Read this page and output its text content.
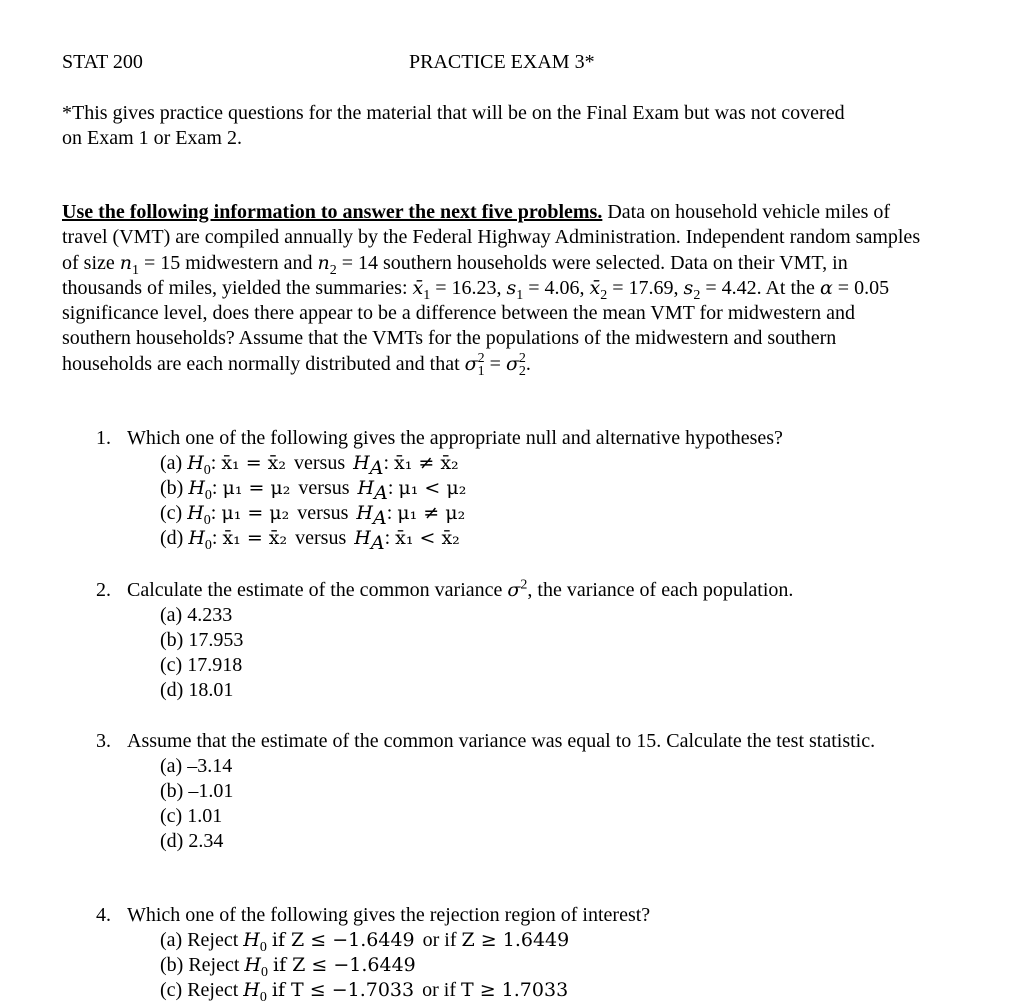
STAT 200	PRACTICE EXAM 3*
*This gives practice questions for the material that will be on the Final Exam but was not covered on Exam 1 or Exam 2.
Use the following information to answer the next five problems. Data on household vehicle miles of travel (VMT) are compiled annually by the Federal Highway Administration. Independent random samples of size $n_1 = 15$ midwestern and $n_2 = 14$ southern households were selected. Data on their VMT, in thousands of miles, yielded the summaries: $x̄_1 = 16.23$, $s_1 = 4.06$, $x̄_2 = 17.69$, $s_2 = 4.42$. At the α = 0.05 significance level, does there appear to be a difference between the mean VMT for midwestern and southern households? Assume that the VMTs for the populations of the midwestern and southern households are each normally distributed and that $\sigma_1^2 = \sigma_2^2$.
1. Which one of the following gives the appropriate null and alternative hypotheses?
(a) $H_0$: x̄₁ = x̄₂ versus $H_A$: x̄₁ ≠ x̄₂
(b) $H_0$: μ₁ = μ₂ versus $H_A$: μ₁ < μ₂
(c) $H_0$: μ₁ = μ₂ versus $H_A$: μ₁ ≠ μ₂
(d) $H_0$: x̄₁ = x̄₂ versus $H_A$: x̄₁ < x̄₂
2. Calculate the estimate of the common variance $\sigma^2$, the variance of each population.
(a) 4.233
(b) 17.953
(c) 17.918
(d) 18.01
3. Assume that the estimate of the common variance was equal to 15. Calculate the test statistic.
(a) –3.14
(b) –1.01
(c) 1.01
(d) 2.34
4. Which one of the following gives the rejection region of interest?
(a) Reject $H_0$ if Z ≤ −1.6449 or if Z ≥ 1.6449
(b) Reject $H_0$ if Z ≤ −1.6449
(c) Reject $H_0$ if T ≤ −1.7033 or if T ≥ 1.7033
